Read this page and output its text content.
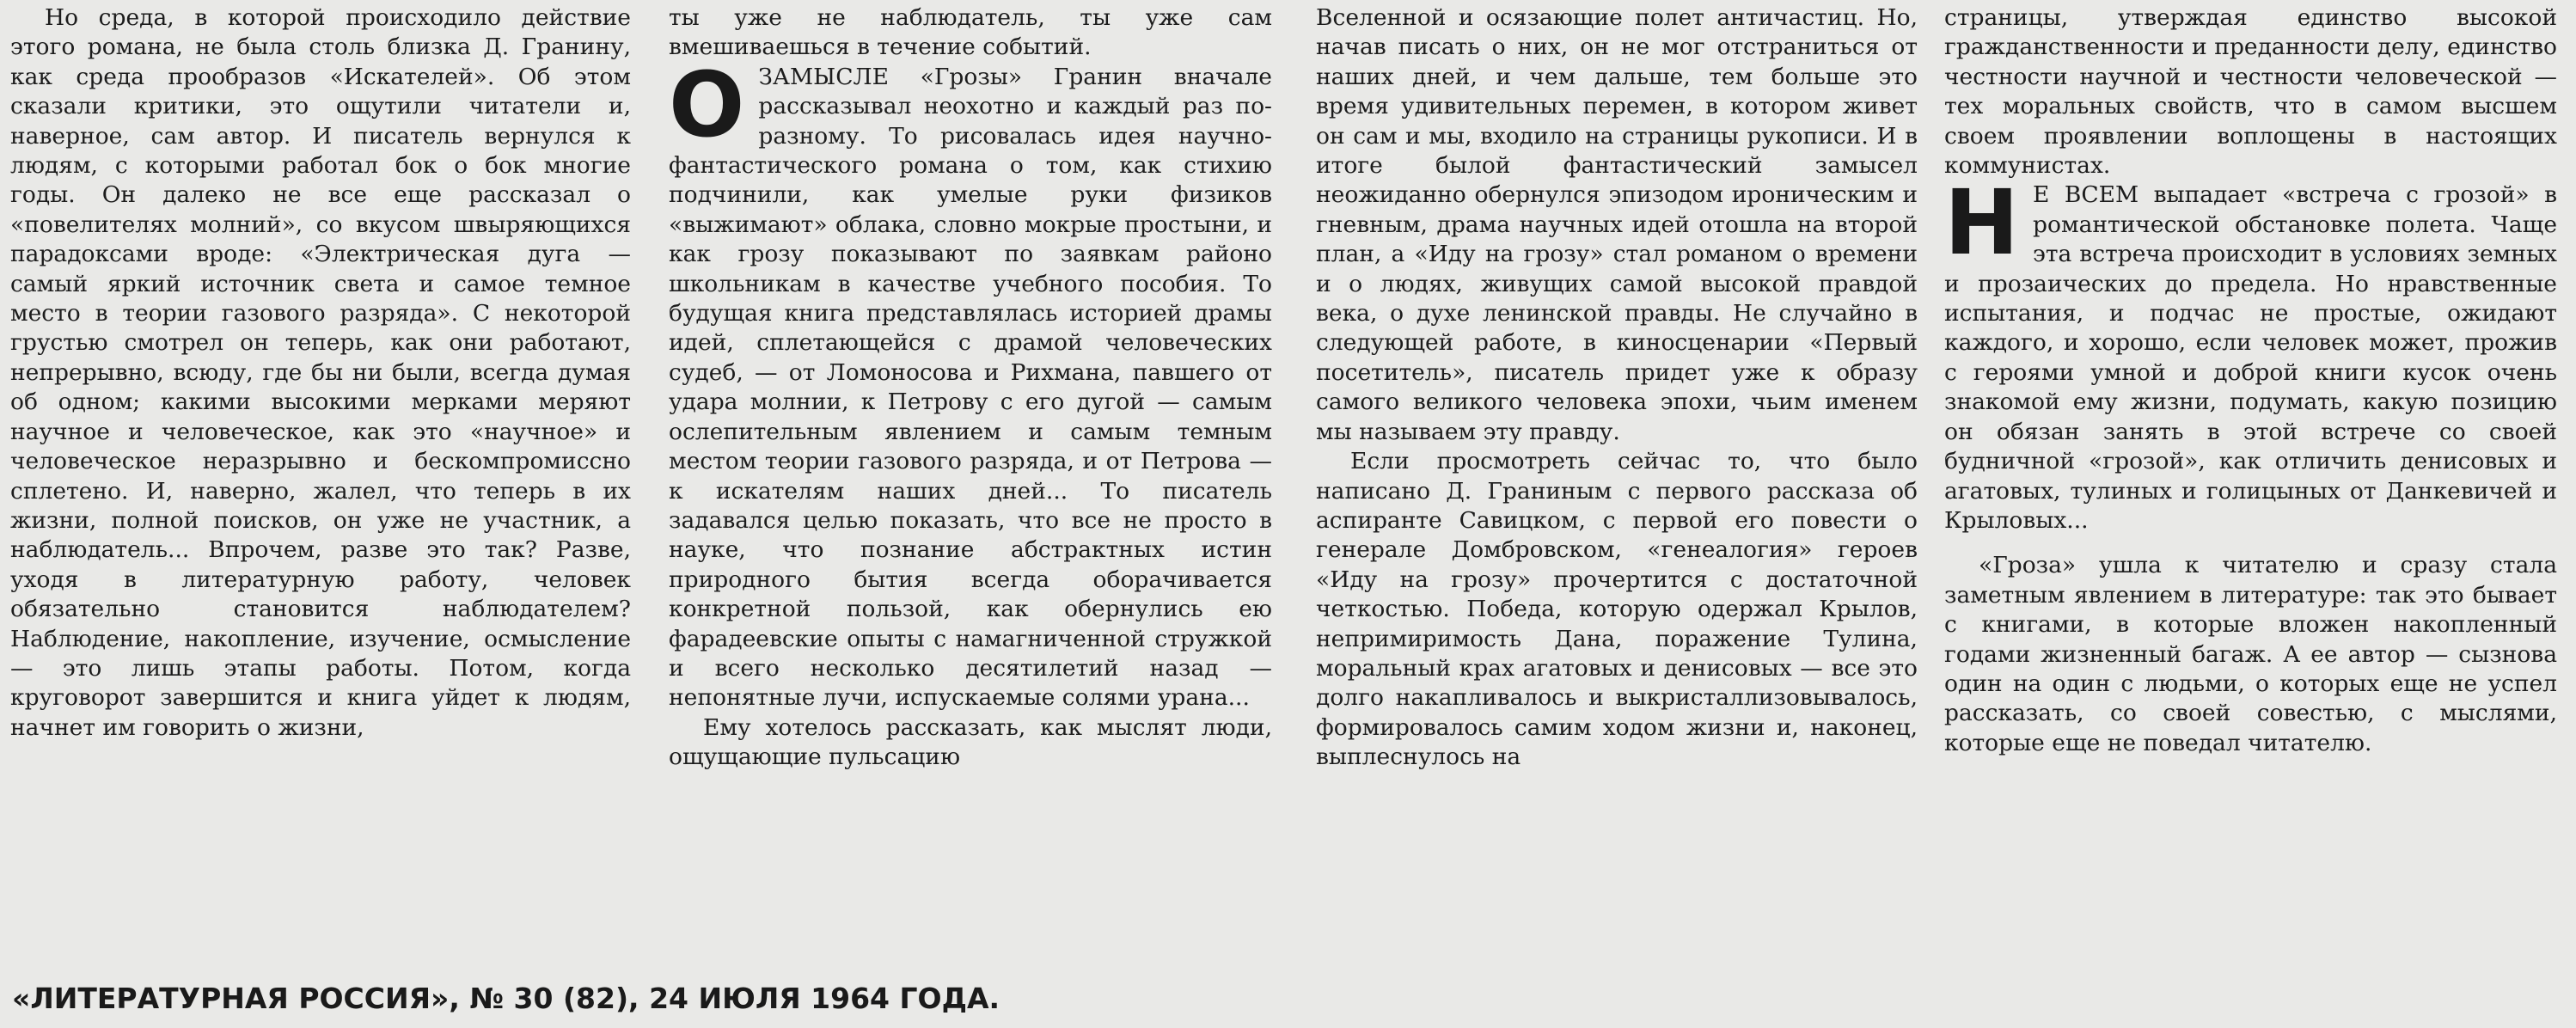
Но среда, в которой происходило действие этого романа, не была столь близка Д. Гранину, как среда прообразов «Искателей». Об этом сказали критики, это ощутили читатели и, наверное, сам автор. И писатель вернулся к людям, с которыми работал бок о бок многие годы. Он далеко не все еще рассказал о «повелителях молний», со вкусом швыряющихся парадоксами вроде: «Электрическая дуга — самый яркий источник света и самое темное место в теории газового разряда». С некоторой грустью смотрел он теперь, как они работают, непрерывно, всюду, где бы ни были, всегда думая об одном; какими высокими мерками меряют научное и человеческое, как это «научное» и человеческое неразрывно и бескомпромиссно сплетено. И, наверно, жалел, что теперь в их жизни, полной поисков, он уже не участник, а наблюдатель... Впрочем, разве это так? Разве, уходя в литературную работу, человек обязательно становится наблюдателем? Наблюдение, накопление, изучение, осмысление — это лишь этапы работы. Потом, когда круговорот завершится и книга уйдет к людям, начнет им говорить о жизни,

ты уже не наблюдатель, ты уже сам вмешиваешься в течение событий.

ОЗАМЫСЛЕ «Грозы» Гранин вначале рассказывал неохотно и каждый раз по-разному. То рисовалась идея научно-фантастического романа о том, как стихию подчинили, как умелые руки физиков «выжимают» облака, словно мокрые простыни, и как грозу показывают по заявкам районо школьникам в качестве учебного пособия. То будущая книга представлялась историей драмы идей, сплетающейся с драмой человеческих судеб, — от Ломоносова и Рихмана, павшего от удара молнии, к Петрову с его дугой — самым ослепительным явлением и самым темным местом теории газового разряда, и от Петрова — к искателям наших дней... То писатель задавался целью показать, что все не просто в науке, что познание абстрактных истин природного бытия всегда оборачивается конкретной пользой, как обернулись ею фарадеевские опыты с намагниченной стружкой и всего несколько десятилетий назад — непонятные лучи, испускаемые солями урана...

Ему хотелось рассказать, как мыслят люди, ощущающие пульсацию

Вселенной и осязающие полет античастиц. Но, начав писать о них, он не мог отстраниться от наших дней, и чем дальше, тем больше это время удивительных перемен, в котором живет он сам и мы, входило на страницы рукописи. И в итоге былой фантастический замысел неожиданно обернулся эпизодом ироническим и гневным, драма научных идей отошла на второй план, а «Иду на грозу» стал романом о времени и о людях, живущих самой высокой правдой века, о духе ленинской правды. Не случайно в следующей работе, в киносценарии «Первый посетитель», писатель придет уже к образу самого великого человека эпохи, чьим именем мы называем эту правду.

Если просмотреть сейчас то, что было написано Д. Граниным с первого рассказа об аспиранте Савицком, с первой его повести о генерале Домбровском, «генеалогия» героев «Иду на грозу» прочертится с достаточной четкостью. Победа, которую одержал Крылов, непримиримость Дана, поражение Тулина, моральный крах агатовых и денисовых — все это долго накапливалось и выкристаллизовывалось, формировалось самим ходом жизни и, наконец, выплеснулось на

страницы, утверждая единство высокой гражданственности и преданности делу, единство честности научной и честности человеческой — тех моральных свойств, что в самом высшем своем проявлении воплощены в настоящих коммунистах.

Н Е ВСЕМ выпадает «встреча с грозой» в романтической обстановке полета. Чаще эта встреча происходит в условиях земных и прозаических до предела. Но нравственные испытания, и подчас не простые, ожидают каждого, и хорошо, если человек может, прожив с героями умной и доброй книги кусок очень знакомой ему жизни, подумать, какую позицию он обязан занять в этой встрече со своей будничной «грозой», как отличить денисовых и агатовых, тулиных и голицыных от Данкевичей и Крыловых...

«Гроза» ушла к читателю и сразу стала заметным явлением в литературе: так это бывает с книгами, в которые вложен накопленный годами жизненный багаж. А ее автор — сызнова один на один с людьми, о которых еще не успел рассказать, со своей совестью, с мыслями, которые еще не поведал читателю.

«ЛИТЕРАТУРНАЯ РОССИЯ», № 30 (82), 24 ИЮЛЯ 1964 ГОДА.
